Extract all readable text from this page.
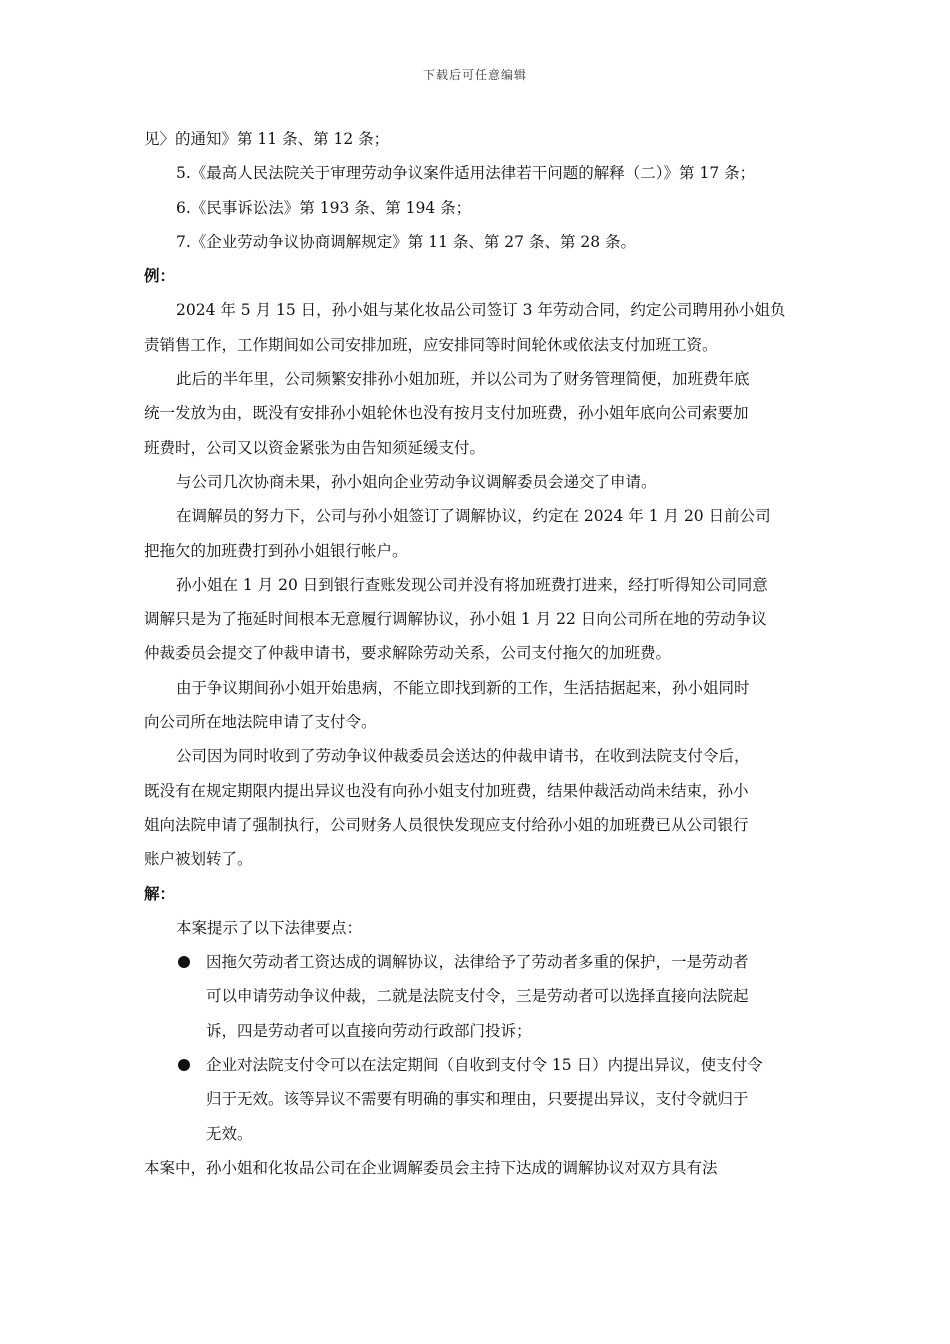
下载后可任意编辑
见〉的通知》第 11 条、第 12 条；
5.《最高人民法院关于审理劳动争议案件适用法律若干问题的解释（二）》第 17 条；
6.《民事诉讼法》第 193 条、第 194 条；
7.《企业劳动争议协商调解规定》第 11 条、第 27 条、第 28 条。
例：
2024 年 5 月 15 日，孙小姐与某化妆品公司签订 3 年劳动合同，约定公司聘用孙小姐负
责销售工作，工作期间如公司安排加班，应安排同等时间轮休或依法支付加班工资。
此后的半年里，公司频繁安排孙小姐加班，并以公司为了财务管理简便，加班费年底
统一发放为由，既没有安排孙小姐轮休也没有按月支付加班费，孙小姐年底向公司索要加
班费时，公司又以资金紧张为由告知须延缓支付。
与公司几次协商未果，孙小姐向企业劳动争议调解委员会递交了申请。
在调解员的努力下，公司与孙小姐签订了调解协议，约定在 2024 年 1 月 20 日前公司
把拖欠的加班费打到孙小姐银行帐户。
孙小姐在 1 月 20 日到银行查账发现公司并没有将加班费打进来，经打听得知公司同意
调解只是为了拖延时间根本无意履行调解协议，孙小姐 1 月 22 日向公司所在地的劳动争议
仲裁委员会提交了仲裁申请书，要求解除劳动关系，公司支付拖欠的加班费。
由于争议期间孙小姐开始患病，不能立即找到新的工作，生活拮据起来，孙小姐同时
向公司所在地法院申请了支付令。
公司因为同时收到了劳动争议仲裁委员会送达的仲裁申请书，在收到法院支付令后，
既没有在规定期限内提出异议也没有向孙小姐支付加班费，结果仲裁活动尚未结束，孙小
姐向法院申请了强制执行，公司财务人员很快发现应支付给孙小姐的加班费已从公司银行
账户被划转了。
解：
本案提示了以下法律要点：
因拖欠劳动者工资达成的调解协议，法律给予了劳动者多重的保护，一是劳动者
可以申请劳动争议仲裁，二就是法院支付令，三是劳动者可以选择直接向法院起
诉，四是劳动者可以直接向劳动行政部门投诉；
企业对法院支付令可以在法定期间（自收到支付令 15 日）内提出异议，使支付令
归于无效。该等异议不需要有明确的事实和理由，只要提出异议，支付令就归于
无效。
本案中，孙小姐和化妆品公司在企业调解委员会主持下达成的调解协议对双方具有法
